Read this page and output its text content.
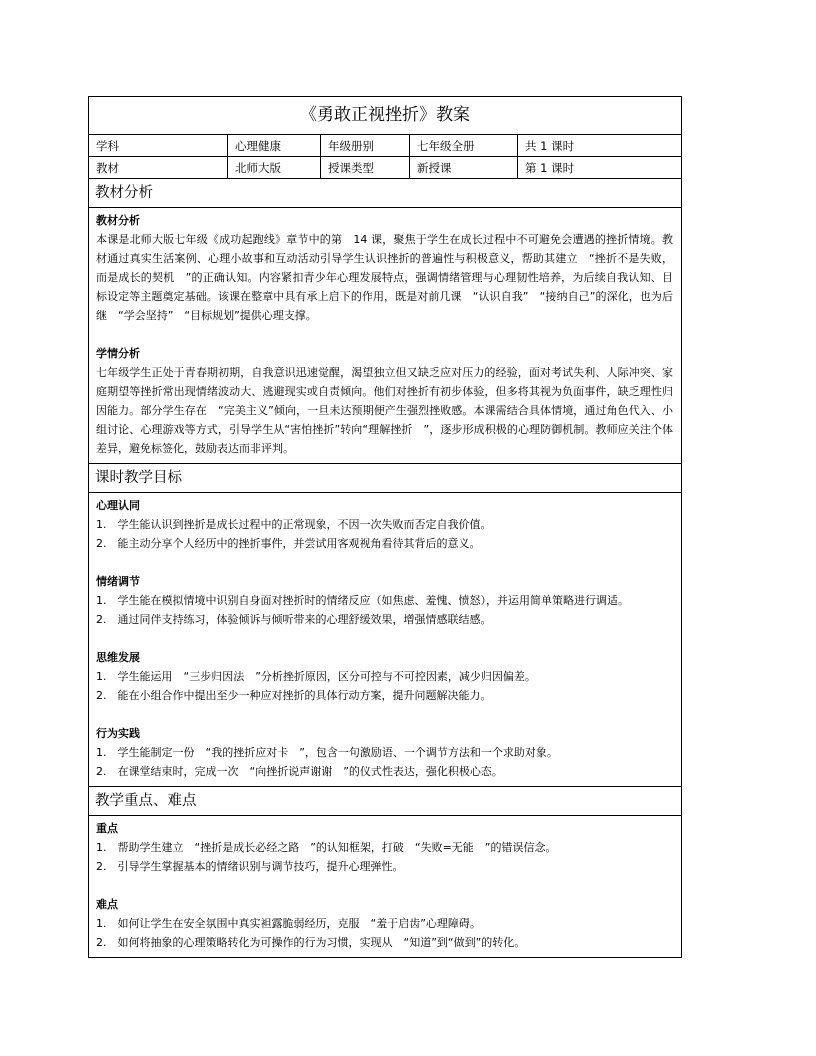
《勇敢正视挫折》教案
学科	心理健康	年级册别	七年级全册	共 1 课时
教材	北师大版	授课类型	新授课	第 1 课时
教材分析
教材分析
本课是北师大版七年级《成功起跑线》章节中的第　14 课，聚焦于学生在成长过程中不可避免会遭遇的挫折情境。教材通过真实生活案例、心理小故事和互动活动引导学生认识挫折的普遍性与积极意义，帮助其建立　“挫折不是失败，而是成长的契机　”的正确认知。内容紧扣青少年心理发展特点，强调情绪管理与心理韧性培养，为后续自我认知、目标设定等主题奠定基础。该课在整章中具有承上启下的作用，既是对前几课　“认识自我”　“接纳自己”的深化，也为后继　“学会坚持”　“目标规划”提供心理支撑。
学情分析
七年级学生正处于青春期初期，自我意识迅速觉醒，渴望独立但又缺乏应对压力的经验，面对考试失利、人际冲突、家庭期望等挫折常出现情绪波动大、逃避现实或自责倾向。他们对挫折有初步体验，但多将其视为负面事件，缺乏理性归因能力。部分学生存在　“完美主义”倾向，一旦未达预期便产生强烈挫败感。本课需结合具体情境，通过角色代入、小组讨论、心理游戏等方式，引导学生从“害怕挫折”转向“理解挫折　”，逐步形成积极的心理防御机制。教师应关注个体差异，避免标签化，鼓励表达而非评判。
课时教学目标
心理认同
1.　学生能认识到挫折是成长过程中的正常现象，不因一次失败而否定自我价值。
2.　能主动分享个人经历中的挫折事件，并尝试用客观视角看待其背后的意义。
情绪调节
1.　学生能在模拟情境中识别自身面对挫折时的情绪反应（如焦虑、羞愧、愤怒），并运用简单策略进行调适。
2.　通过同伴支持练习，体验倾诉与倾听带来的心理舒缓效果，增强情感联结感。
思维发展
1.　学生能运用　“三步归因法　”分析挫折原因，区分可控与不可控因素，减少归因偏差。
2.　能在小组合作中提出至少一种应对挫折的具体行动方案，提升问题解决能力。
行为实践
1.　学生能制定一份　“我的挫折应对卡　”，包含一句激励语、一个调节方法和一个求助对象。
2.　在课堂结束时，完成一次　“向挫折说声谢谢　”的仪式性表达，强化积极心态。
教学重点、难点
重点
1.　帮助学生建立　“挫折是成长必经之路　”的认知框架，打破　“失败=无能　”的错误信念。
2.　引导学生掌握基本的情绪识别与调节技巧，提升心理弹性。
难点
1.　如何让学生在安全氛围中真实袒露脆弱经历，克服　“羞于启齿”心理障碍。
2.　如何将抽象的心理策略转化为可操作的行为习惯，实现从　“知道”到“做到”的转化。
